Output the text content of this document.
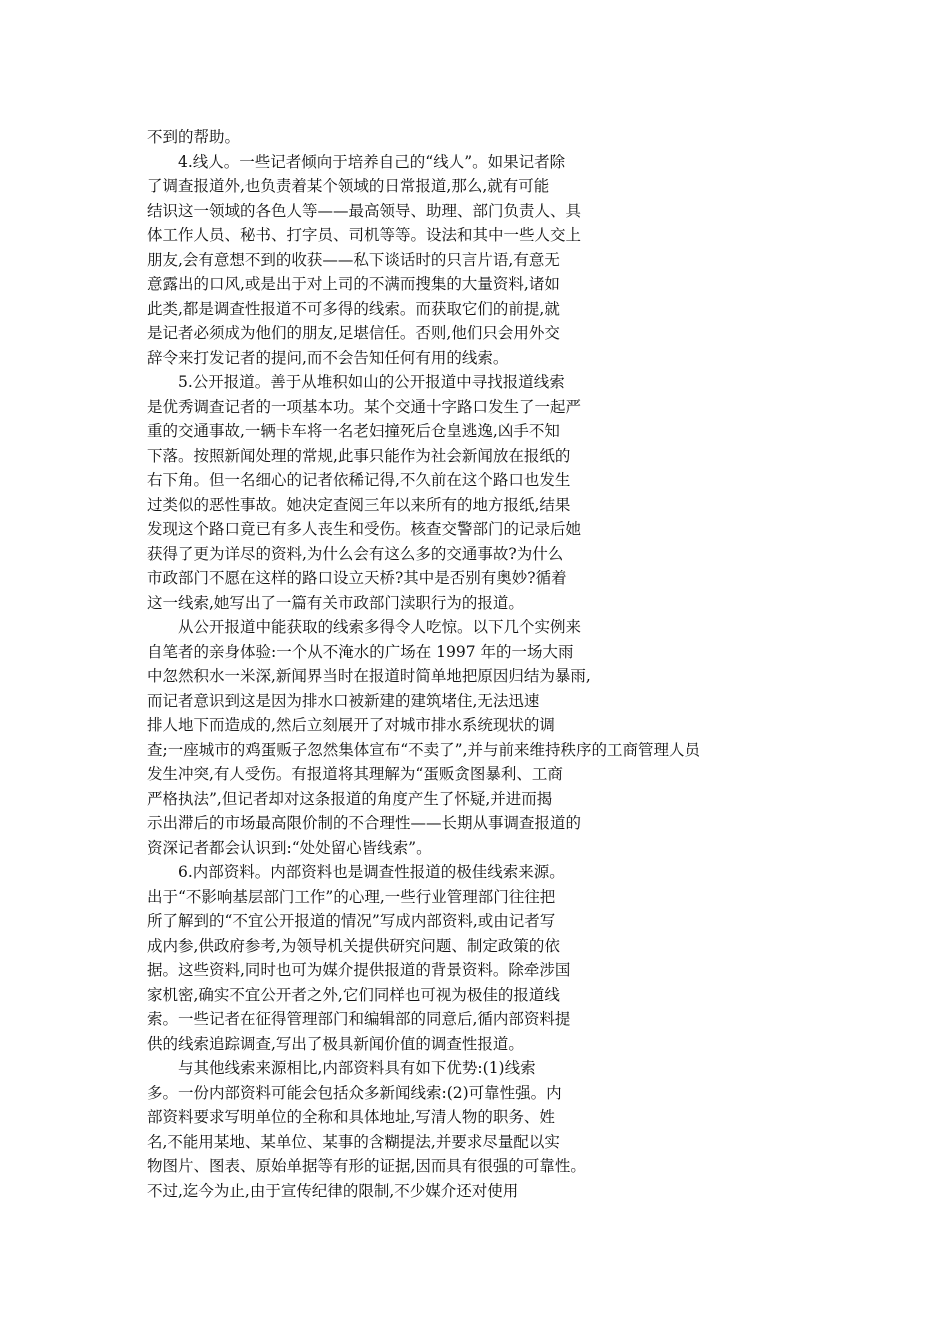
不到的帮助。
4.线人。一些记者倾向于培养自己的“线人”。如果记者除
了调查报道外,也负责着某个领域的日常报道,那么,就有可能
结识这一领域的各色人等——最高领导、助理、部门负责人、具
体工作人员、秘书、打字员、司机等等。设法和其中一些人交上
朋友,会有意想不到的收获——私下谈话时的只言片语,有意无
意露出的口风,或是出于对上司的不满而搜集的大量资料,诸如
此类,都是调查性报道不可多得的线索。而获取它们的前提,就
是记者必须成为他们的朋友,足堪信任。否则,他们只会用外交
辞令来打发记者的提问,而不会告知任何有用的线索。
5.公开报道。善于从堆积如山的公开报道中寻找报道线索
是优秀调查记者的一项基本功。某个交通十字路口发生了一起严
重的交通事故,一辆卡车将一名老妇撞死后仓皇逃逸,凶手不知
下落。按照新闻处理的常规,此事只能作为社会新闻放在报纸的
右下角。但一名细心的记者依稀记得,不久前在这个路口也发生
过类似的恶性事故。她决定查阅三年以来所有的地方报纸,结果
发现这个路口竟已有多人丧生和受伤。核查交警部门的记录后她
获得了更为详尽的资料,为什么会有这么多的交通事故?为什么
市政部门不愿在这样的路口设立天桥?其中是否别有奥妙?循着
这一线索,她写出了一篇有关市政部门渎职行为的报道。
从公开报道中能获取的线索多得令人吃惊。以下几个实例来
自笔者的亲身体验:一个从不淹水的广场在 1997 年的一场大雨
中忽然积水一米深,新闻界当时在报道时简单地把原因归结为暴雨,
而记者意识到这是因为排水口被新建的建筑堵住,无法迅速
排人地下而造成的,然后立刻展开了对城市排水系统现状的调
查;一座城市的鸡蛋贩子忽然集体宣布“不卖了”,并与前来维持秩序的工商管理人员
发生冲突,有人受伤。有报道将其理解为“蛋贩贪图暴利、工商
严格执法”,但记者却对这条报道的角度产生了怀疑,并进而揭
示出滞后的市场最高限价制的不合理性——长期从事调查报道的
资深记者都会认识到:“处处留心皆线索”。
6.内部资料。内部资料也是调查性报道的极佳线索来源。
出于“不影响基层部门工作”的心理,一些行业管理部门往往把
所了解到的“不宜公开报道的情况”写成内部资料,或由记者写
成内参,供政府参考,为领导机关提供研究问题、制定政策的依
据。这些资料,同时也可为媒介提供报道的背景资料。除牵涉国
家机密,确实不宜公开者之外,它们同样也可视为极佳的报道线
索。一些记者在征得管理部门和编辑部的同意后,循内部资料提
供的线索追踪调查,写出了极具新闻价值的调查性报道。
与其他线索来源相比,内部资料具有如下优势:(1)线索
多。一份内部资料可能会包括众多新闻线索:(2)可靠性强。内
部资料要求写明单位的全称和具体地址,写清人物的职务、姓
名,不能用某地、某单位、某事的含糊提法,并要求尽量配以实
物图片、图表、原始单据等有形的证据,因而具有很强的可靠性。
不过,迄今为止,由于宣传纪律的限制,不少媒介还对使用
